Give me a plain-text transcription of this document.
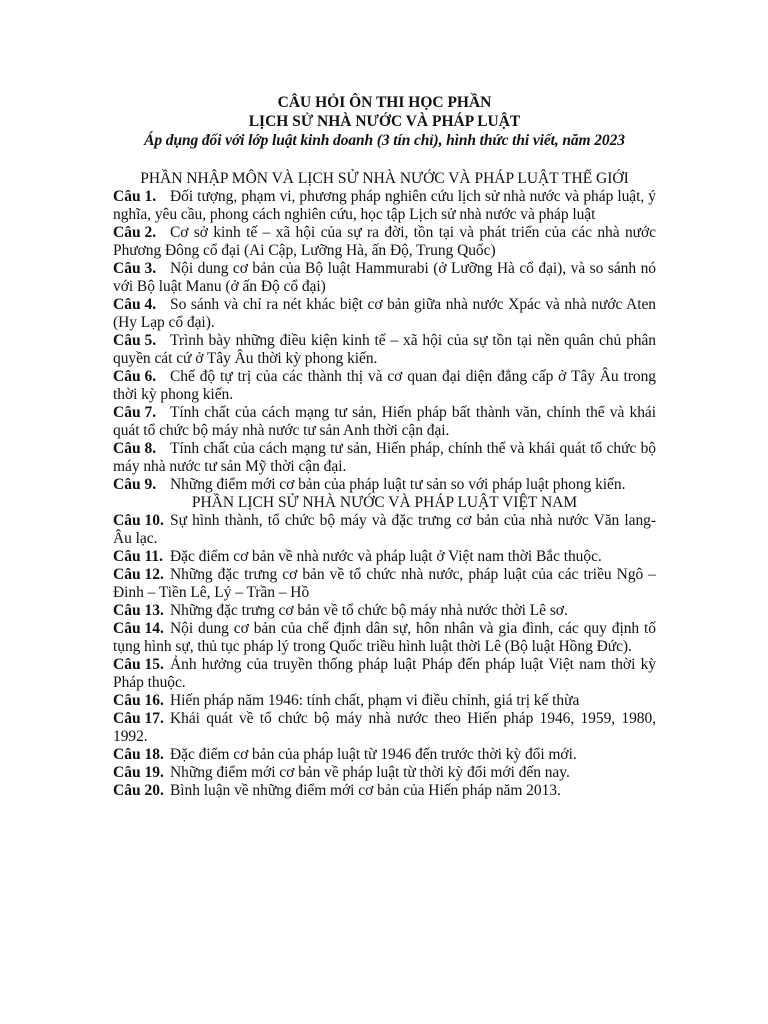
CÂU HỎI ÔN THI HỌC PHẦN
LỊCH SỬ NHÀ NƯỚC VÀ PHÁP LUẬT
Áp dụng đối với lớp luật kinh doanh (3 tín chỉ), hình thức thi viết, năm 2023
PHẦN NHẬP MÔN VÀ LỊCH SỬ NHÀ NƯỚC VÀ PHÁP LUẬT THẾ GIỚI
Câu 1. Đối tượng, phạm vi, phương pháp nghiên cứu lịch sử nhà nước và pháp luật, ý nghĩa, yêu cầu, phong cách nghiên cứu, học tập Lịch sử nhà nước và pháp luật
Câu 2. Cơ sở kinh tế – xã hội của sự ra đời, tồn tại và phát triển của các nhà nước Phương Đông cổ đại (Ai Cập, Lưỡng Hà, ấn Độ, Trung Quốc)
Câu 3. Nội dung cơ bản của Bộ luật Hammurabi (ở Lưỡng Hà cổ đại), và so sánh nó với Bộ luật Manu (ở ấn Độ cổ đại)
Câu 4. So sánh và chỉ ra nét khác biệt cơ bản giữa nhà nước Xpác và nhà nước Aten (Hy Lạp cổ đại).
Câu 5. Trình bày những điều kiện kinh tế – xã hội của sự tồn tại nền quân chủ phân quyền cát cứ ở Tây Âu thời kỳ phong kiến.
Câu 6. Chế độ tự trị của các thành thị và cơ quan đại diện đẳng cấp ở Tây Âu trong thời kỳ phong kiến.
Câu 7. Tính chất của cách mạng tư sản, Hiến pháp bất thành văn, chính thể và khái quát tổ chức bộ máy nhà nước tư sản Anh thời cận đại.
Câu 8. Tính chất của cách mạng tư sản, Hiến pháp, chính thể và khái quát tổ chức bộ máy nhà nước tư sản Mỹ thời cận đại.
Câu 9. Những điểm mới cơ bản của pháp luật tư sản so với pháp luật phong kiến.
PHẦN LỊCH SỬ NHÀ NƯỚC VÀ PHÁP LUẬT VIỆT NAM
Câu 10. Sự hình thành, tổ chức bộ máy và đặc trưng cơ bản của nhà nước Văn lang- Âu lạc.
Câu 11. Đặc điểm cơ bản về nhà nước và pháp luật ở Việt nam thời Bắc thuộc.
Câu 12. Những đặc trưng cơ bản về tổ chức nhà nước, pháp luật của các triều Ngô – Đinh – Tiền Lê, Lý – Trần – Hồ
Câu 13. Những đặc trưng cơ bản về tổ chức bộ máy nhà nước thời Lê sơ.
Câu 14. Nội dung cơ bản của chế định dân sự, hôn nhân và gia đình, các quy định tố tụng hình sự, thủ tục pháp lý trong Quốc triều hình luật thời Lê (Bộ luật Hồng Đức).
Câu 15. Ảnh hưởng của truyền thống pháp luật Pháp đến pháp luật Việt nam thời kỳ Pháp thuộc.
Câu 16. Hiến pháp năm 1946: tính chất, phạm vi điều chỉnh, giá trị kế thừa
Câu 17. Khái quát về tổ chức bộ máy nhà nước theo Hiến pháp 1946, 1959, 1980, 1992.
Câu 18. Đặc điểm cơ bản của pháp luật từ 1946 đến trước thời kỳ đổi mới.
Câu 19. Những điểm mới cơ bản về pháp luật từ thời kỳ đổi mới đến nay.
Câu 20. Bình luận về những điểm mới cơ bản của Hiến pháp năm 2013.
